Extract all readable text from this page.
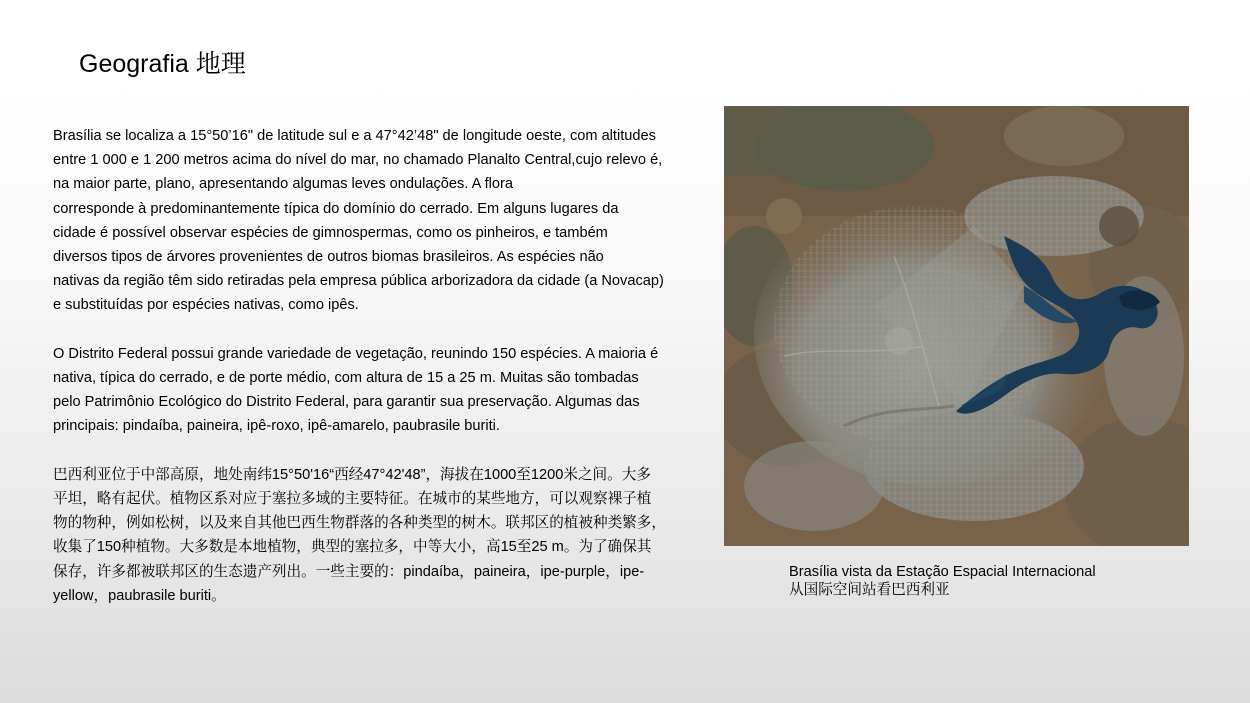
Geografia 地理

Brasília se localiza a 15°50’16" de latitude sul e a 47°42’48" de longitude oeste, com altitudes
entre 1 000 e 1 200 metros acima do nível do mar, no chamado Planalto Central,cujo relevo é,
na maior parte, plano, apresentando algumas leves ondulações. A flora
corresponde à predominantemente típica do domínio do cerrado. Em alguns lugares da
cidade é possível observar espécies de gimnospermas, como os pinheiros, e também
diversos tipos de árvores provenientes de outros biomas brasileiros. As espécies não
nativas da região têm sido retiradas pela empresa pública arborizadora da cidade (a Novacap)
e substituídas por espécies nativas, como ipês.

O Distrito Federal possui grande variedade de vegetação, reunindo 150 espécies. A maioria é
nativa, típica do cerrado, e de porte médio, com altura de 15 a 25 m. Muitas são tombadas
pelo Patrimônio Ecológico do Distrito Federal, para garantir sua preservação. Algumas das
principais: pindaíba, paineira, ipê-roxo, ipê-amarelo, paubrasile buriti.

巴西利亚位于中部高原，地处南纬15°50'16“西经47°42'48”，海拔在1000至1200米之间。大多
平坦，略有起伏。植物区系对应于塞拉多域的主要特征。在城市的某些地方，可以观察裸子植
物的物种，例如松树，以及来自其他巴西生物群落的各种类型的树木。联邦区的植被种类繁多，
收集了150种植物。大多数是本地植物，典型的塞拉多，中等大小，高15至25 m。为了确保其
保存，许多都被联邦区的生态遗产列出。一些主要的：pindaíba，paineira，ipe-purple，ipe-
yellow，paubrasile buriti。

Brasília vista da Estação Espacial Internacional
从国际空间站看巴西利亚
